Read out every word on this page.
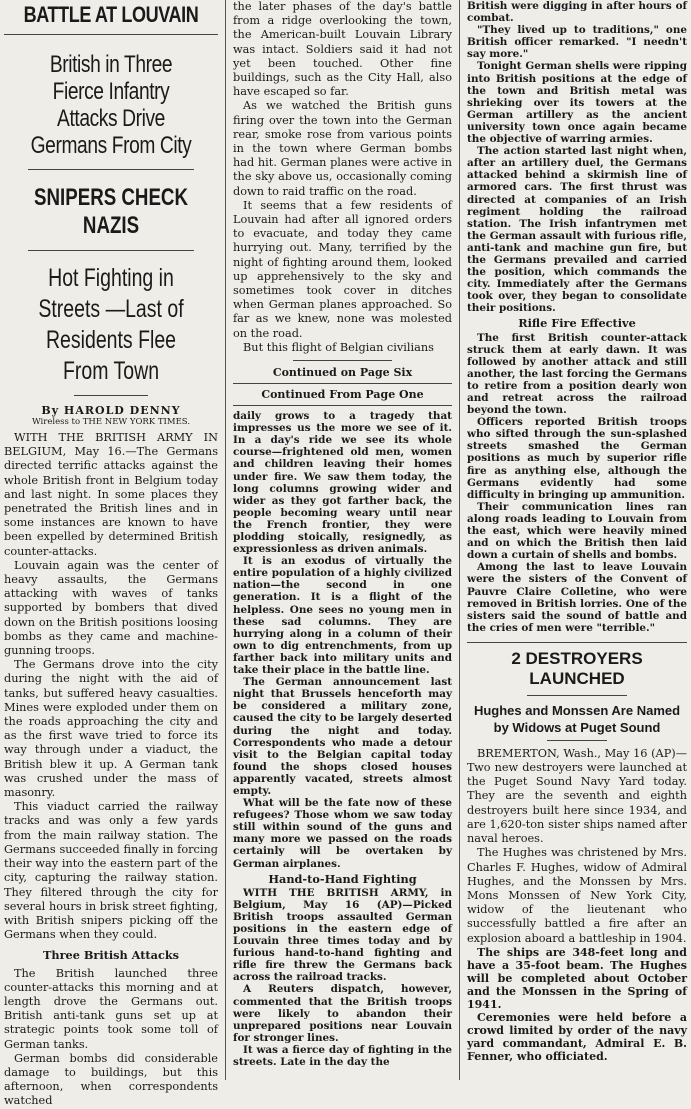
BATTLE AT LOUVAIN
British in Three Fierce Infantry Attacks Drive Germans From City
SNIPERS CHECK NAZIS
Hot Fighting in Streets —Last of Residents Flee From Town
By HAROLD DENNY
Wireless to THE NEW YORK TIMES.

WITH THE BRITISH ARMY IN BELGIUM, May 16.—The Germans directed terrific attacks against the whole British front in Belgium today and last night. In some places they penetrated the British lines and in some instances are known to have been expelled by determined British counter-attacks.

Louvain again was the center of heavy assaults, the Germans attacking with waves of tanks supported by bombers that dived down on the British positions loosing bombs as they came and machine-gunning troops.

The Germans drove into the city during the night with the aid of tanks, but suffered heavy casualties. Mines were exploded under them on the roads approaching the city and as the first wave tried to force its way through under a viaduct, the British blew it up. A German tank was crushed under the mass of masonry.

This viaduct carried the railway tracks and was only a few yards from the main railway station. The Germans succeeded finally in forcing their way into the eastern part of the city, capturing the railway station. They filtered through the city for several hours in brisk street fighting, with British snipers picking off the Germans when they could.

Three British Attacks

The British launched three counter-attacks this morning and at length drove the Germans out. British anti-tank guns set up at strategic points took some toll of German tanks.

German bombs did considerable damage to buildings, but this afternoon, when correspondents watched

the later phases of the day's battle from a ridge overlooking the town, the American-built Louvain Library was intact. Soldiers said it had not yet been touched. Other fine buildings, such as the City Hall, also have escaped so far.

As we watched the British guns firing over the town into the German rear, smoke rose from various points in the town where German bombs had hit. German planes were active in the sky above us, occasionally coming down to raid traffic on the road.

It seems that a few residents of Louvain had after all ignored orders to evacuate, and today they came hurrying out. Many, terrified by the night of fighting around them, looked up apprehensively to the sky and sometimes took cover in ditches when German planes approached. So far as we knew, none was molested on the road.

But this flight of Belgian civilians

Continued on Page Six
Continued From Page One

daily grows to a tragedy that impresses us the more we see of it. In a day's ride we see its whole course—frightened old men, women and children leaving their homes under fire. We saw them today, the long columns growing wider and wider as they got farther back, the people becoming weary until near the French frontier, they were plodding stoically, resignedly, as expressionless as driven animals.

It is an exodus of virtually the entire population of a highly civilized nation—the second in one generation. It is a flight of the helpless. One sees no young men in these sad columns. They are hurrying along in a column of their own to dig entrenchments, from up farther back into military units and take their place in the battle line.

The German announcement last night that Brussels henceforth may be considered a military zone, caused the city to be largely deserted during the night and today. Correspondents who made a detour visit to the Belgian capital today found the shops closed houses apparently vacated, streets almost empty.

What will be the fate now of these refugees? Those whom we saw today still within sound of the guns and many more we passed on the roads certainly will be overtaken by German airplanes.

Hand-to-Hand Fighting

WITH THE BRITISH ARMY, in Belgium, May 16 (AP)—Picked British troops assaulted German positions in the eastern edge of Louvain three times today and by furious hand-to-hand fighting and rifle fire threw the Germans back across the railroad tracks.

A Reuters dispatch, however, commented that the British troops were likely to abandon their unprepared positions near Louvain for stronger lines.

It was a fierce day of fighting in the streets. Late in the day the

British were digging in after hours of combat.

"They lived up to traditions," one British officer remarked. "I needn't say more."

Tonight German shells were ripping into British positions at the edge of the town and British metal was shrieking over its towers at the German artillery as the ancient university town once again became the objective of warring armies.

The action started last night when, after an artillery duel, the Germans attacked behind a skirmish line of armored cars. The first thrust was directed at companies of an Irish regiment holding the railroad station. The Irish infantrymen met the German assault with furious rifle, anti-tank and machine gun fire, but the Germans prevailed and carried the position, which commands the city. Immediately after the Germans took over, they began to consolidate their positions.

Rifle Fire Effective

The first British counter-attack struck them at early dawn. It was followed by another attack and still another, the last forcing the Germans to retire from a position dearly won and retreat across the railroad beyond the town.

Officers reported British troops who sifted through the sun-splashed streets smashed the German positions as much by superior rifle fire as anything else, although the Germans evidently had some difficulty in bringing up ammunition.

Their communication lines ran along roads leading to Louvain from the east, which were heavily mined and on which the British then laid down a curtain of shells and bombs.

Among the last to leave Louvain were the sisters of the Convent of Pauvre Claire Colletine, who were removed in British lorries. One of the sisters said the sound of battle and the cries of men were "terrible."

2 DESTROYERS LAUNCHED
Hughes and Monssen Are Named by Widows at Puget Sound

BREMERTON, Wash., May 16 (AP)—Two new destroyers were launched at the Puget Sound Navy Yard today. They are the seventh and eighth destroyers built here since 1934, and are 1,620-ton sister ships named after naval heroes.

The Hughes was christened by Mrs. Charles F. Hughes, widow of Admiral Hughes, and the Monssen by Mrs. Mons Monssen of New York City, widow of the lieutenant who successfully battled a fire after an explosion aboard a battleship in 1904.

The ships are 348-feet long and have a 35-foot beam. The Hughes will be completed about October and the Monssen in the Spring of 1941.

Ceremonies were held before a crowd limited by order of the navy yard commandant, Admiral E. B. Fenner, who officiated.
